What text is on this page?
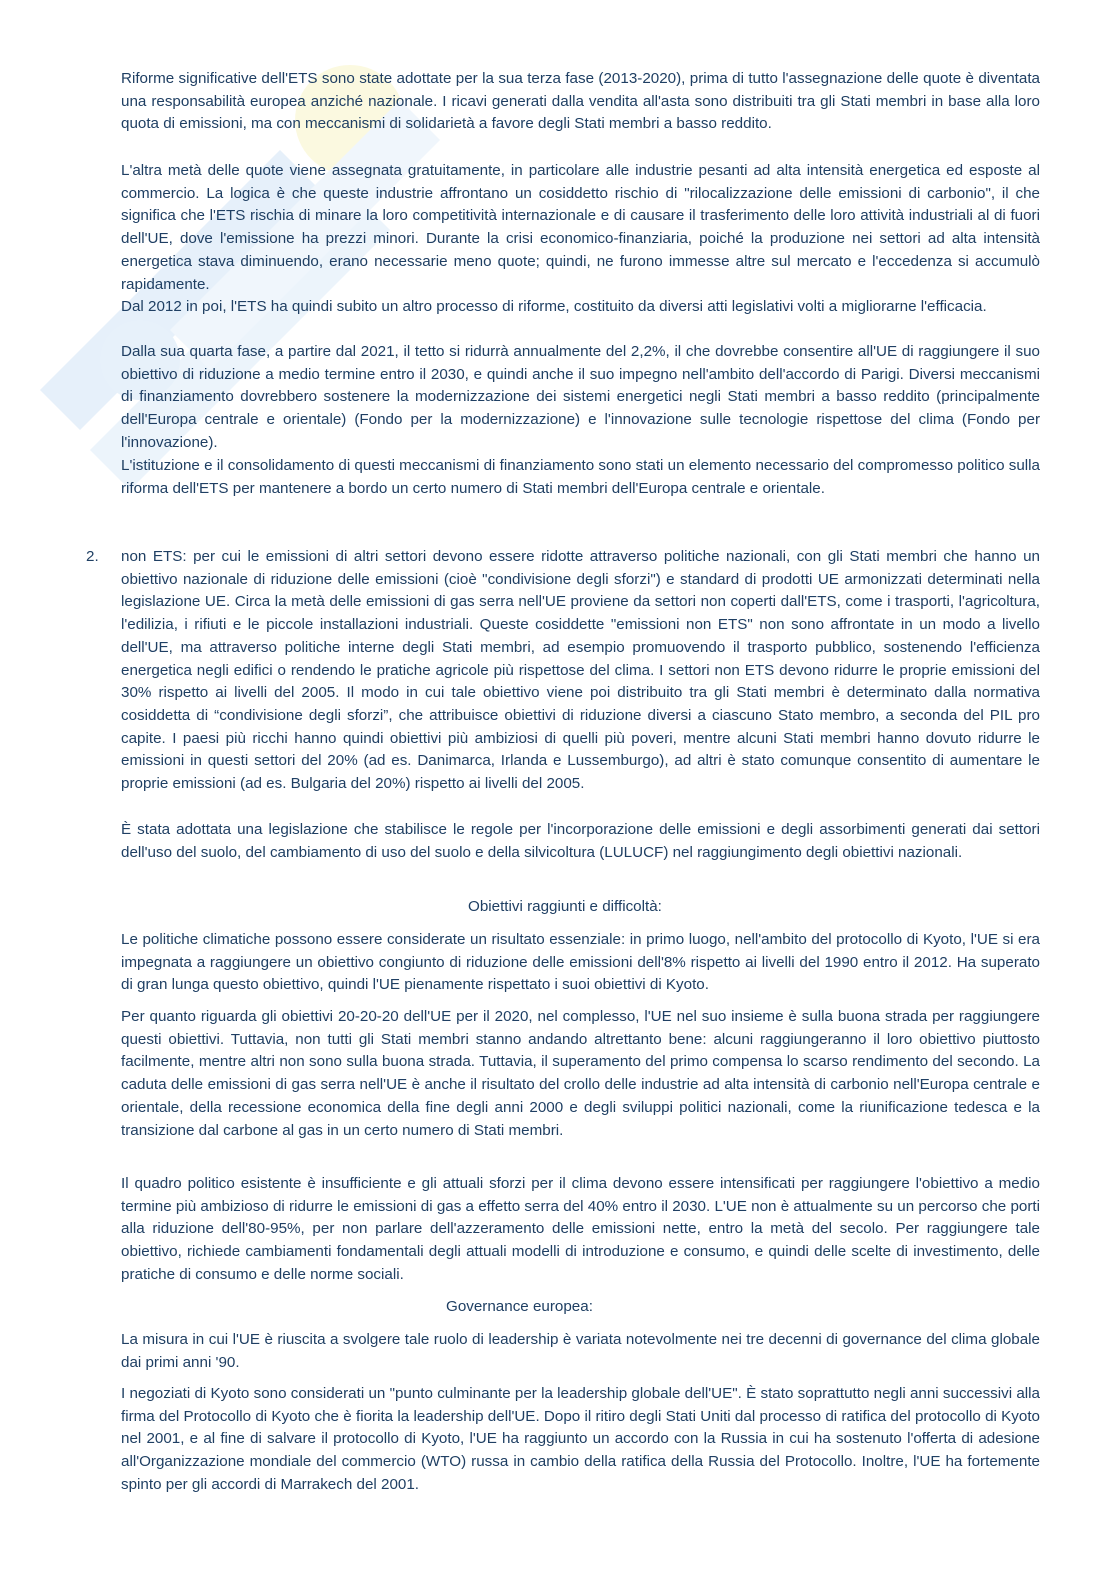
Riforme significative dell'ETS sono state adottate per la sua terza fase (2013-2020), prima di tutto l'assegnazione delle quote è diventata una responsabilità europea anziché nazionale. I ricavi generati dalla vendita all'asta sono distribuiti tra gli Stati membri in base alla loro quota di emissioni, ma con meccanismi di solidarietà a favore degli Stati membri a basso reddito.

L'altra metà delle quote viene assegnata gratuitamente, in particolare alle industrie pesanti ad alta intensità energetica ed esposte al commercio. La logica è che queste industrie affrontano un cosiddetto rischio di "rilocalizzazione delle emissioni di carbonio", il che significa che l'ETS rischia di minare la loro competitività internazionale e di causare il trasferimento delle loro attività industriali al di fuori dell'UE, dove l'emissione ha prezzi minori. Durante la crisi economico-finanziaria, poiché la produzione nei settori ad alta intensità energetica stava diminuendo, erano necessarie meno quote; quindi, ne furono immesse altre sul mercato e l'eccedenza si accumulò rapidamente.

Dal 2012 in poi, l'ETS ha quindi subito un altro processo di riforme, costituito da diversi atti legislativi volti a migliorarne l'efficacia.

Dalla sua quarta fase, a partire dal 2021, il tetto si ridurrà annualmente del 2,2%, il che dovrebbe consentire all'UE di raggiungere il suo obiettivo di riduzione a medio termine entro il 2030, e quindi anche il suo impegno nell'ambito dell'accordo di Parigi. Diversi meccanismi di finanziamento dovrebbero sostenere la modernizzazione dei sistemi energetici negli Stati membri a basso reddito (principalmente dell'Europa centrale e orientale) (Fondo per la modernizzazione) e l'innovazione sulle tecnologie rispettose del clima (Fondo per l'innovazione).

L'istituzione e il consolidamento di questi meccanismi di finanziamento sono stati un elemento necessario del compromesso politico sulla riforma dell'ETS per mantenere a bordo un certo numero di Stati membri dell'Europa centrale e orientale.

2. non ETS: per cui le emissioni di altri settori devono essere ridotte attraverso politiche nazionali, con gli Stati membri che hanno un obiettivo nazionale di riduzione delle emissioni (cioè "condivisione degli sforzi") e standard di prodotti UE armonizzati determinati nella legislazione UE. Circa la metà delle emissioni di gas serra nell'UE proviene da settori non coperti dall'ETS, come i trasporti, l'agricoltura, l'edilizia, i rifiuti e le piccole installazioni industriali. Queste cosiddette "emissioni non ETS" non sono affrontate in un modo a livello dell'UE, ma attraverso politiche interne degli Stati membri, ad esempio promuovendo il trasporto pubblico, sostenendo l'efficienza energetica negli edifici o rendendo le pratiche agricole più rispettose del clima. I settori non ETS devono ridurre le proprie emissioni del 30% rispetto ai livelli del 2005. Il modo in cui tale obiettivo viene poi distribuito tra gli Stati membri è determinato dalla normativa cosiddetta di “condivisione degli sforzi”, che attribuisce obiettivi di riduzione diversi a ciascuno Stato membro, a seconda del PIL pro capite. I paesi più ricchi hanno quindi obiettivi più ambiziosi di quelli più poveri, mentre alcuni Stati membri hanno dovuto ridurre le emissioni in questi settori del 20% (ad es. Danimarca, Irlanda e Lussemburgo), ad altri è stato comunque consentito di aumentare le proprie emissioni (ad es. Bulgaria del 20%) rispetto ai livelli del 2005.

È stata adottata una legislazione che stabilisce le regole per l'incorporazione delle emissioni e degli assorbimenti generati dai settori dell'uso del suolo, del cambiamento di uso del suolo e della silvicoltura (LULUCF) nel raggiungimento degli obiettivi nazionali.

Obiettivi raggiunti e difficoltà:

Le politiche climatiche possono essere considerate un risultato essenziale: in primo luogo, nell'ambito del protocollo di Kyoto, l'UE si era impegnata a raggiungere un obiettivo congiunto di riduzione delle emissioni dell'8% rispetto ai livelli del 1990 entro il 2012. Ha superato di gran lunga questo obiettivo, quindi l'UE pienamente rispettato i suoi obiettivi di Kyoto.

Per quanto riguarda gli obiettivi 20-20-20 dell'UE per il 2020, nel complesso, l'UE nel suo insieme è sulla buona strada per raggiungere questi obiettivi. Tuttavia, non tutti gli Stati membri stanno andando altrettanto bene: alcuni raggiungeranno il loro obiettivo piuttosto facilmente, mentre altri non sono sulla buona strada. Tuttavia, il superamento del primo compensa lo scarso rendimento del secondo. La caduta delle emissioni di gas serra nell'UE è anche il risultato del crollo delle industrie ad alta intensità di carbonio nell'Europa centrale e orientale, della recessione economica della fine degli anni 2000 e degli sviluppi politici nazionali, come la riunificazione tedesca e la transizione dal carbone al gas in un certo numero di Stati membri.

Il quadro politico esistente è insufficiente e gli attuali sforzi per il clima devono essere intensificati per raggiungere l'obiettivo a medio termine più ambizioso di ridurre le emissioni di gas a effetto serra del 40% entro il 2030. L'UE non è attualmente su un percorso che porti alla riduzione dell'80-95%, per non parlare dell'azzeramento delle emissioni nette, entro la metà del secolo. Per raggiungere tale obiettivo, richiede cambiamenti fondamentali degli attuali modelli di introduzione e consumo, e quindi delle scelte di investimento, delle pratiche di consumo e delle norme sociali.

Governance europea:

La misura in cui l'UE è riuscita a svolgere tale ruolo di leadership è variata notevolmente nei tre decenni di governance del clima globale dai primi anni '90.

I negoziati di Kyoto sono considerati un "punto culminante per la leadership globale dell'UE". È stato soprattutto negli anni successivi alla firma del Protocollo di Kyoto che è fiorita la leadership dell'UE. Dopo il ritiro degli Stati Uniti dal processo di ratifica del protocollo di Kyoto nel 2001, e al fine di salvare il protocollo di Kyoto, l'UE ha raggiunto un accordo con la Russia in cui ha sostenuto l'offerta di adesione all'Organizzazione mondiale del commercio (WTO) russa in cambio della ratifica della Russia del Protocollo. Inoltre, l'UE ha fortemente spinto per gli accordi di Marrakech del 2001.
